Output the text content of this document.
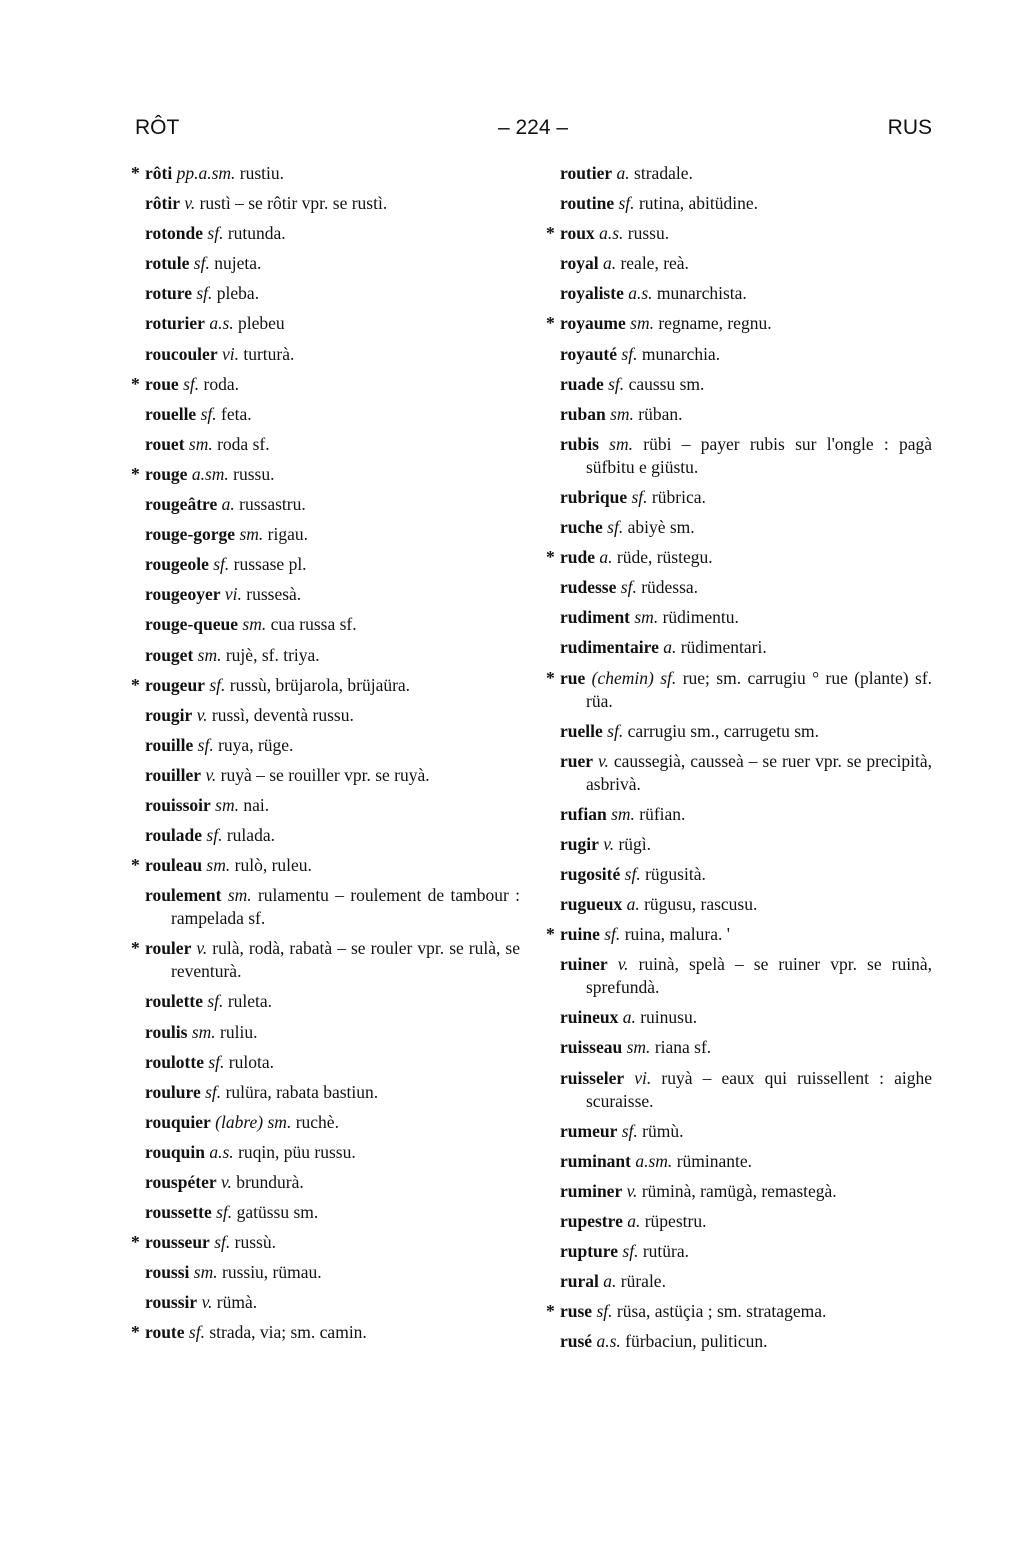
RÔT	– 224 –	RUS
* rôti pp.a.sm. rustiu.
rôtir v. rustì – se rôtir vpr. se rustì.
rotonde sf. rutunda.
rotule sf. nujeta.
roture sf. pleba.
roturier a.s. plebeu
roucouler vi. turturà.
* roue sf. roda.
rouelle sf. feta.
rouet sm. roda sf.
* rouge a.sm. russu.
rougeâtre a. russastru.
rouge-gorge sm. rigau.
rougeole sf. russase pl.
rougeoyer vi. russesà.
rouge-queue sm. cua russa sf.
rouget sm. rujè, sf. triya.
* rougeur sf. russù, brüjarola, brüjaüra.
rougir v. russì, deventà russu.
rouille sf. ruya, rüge.
rouiller v. ruyà – se rouiller vpr. se ruyà.
rouissoir sm. nai.
roulade sf. rulada.
* rouleau sm. rulò, ruleu.
roulement sm. rulamentu – roulement de tambour : rampelada sf.
* rouler v. rulà, rodà, rabatà – se rouler vpr. se rulà, se reventurà.
roulette sf. ruleta.
roulis sm. ruliu.
roulotte sf. rulota.
roulure sf. rulüra, rabata bastiun.
rouquier (labre) sm. ruchè.
rouquin a.s. ruqin, püu russu.
rouspéter v. brundurà.
roussette sf. gatüssu sm.
* rousseur sf. russù.
roussi sm. russiu, rümau.
roussir v. rümà.
* route sf. strada, via; sm. camin.
routier a. stradale.
routine sf. rutina, abitüdine.
* roux a.s. russu.
royal a. reale, reà.
royaliste a.s. munarchista.
* royaume sm. regname, regnu.
royauté sf. munarchia.
ruade sf. caussu sm.
ruban sm. rüban.
rubis sm. rübi – payer rubis sur l'ongle : pagà süfbitu e giüstu.
rubrique sf. rübrica.
ruche sf. abiyè sm.
* rude a. rüde, rüstegu.
rudesse sf. rüdessa.
rudiment sm. rüdimentu.
rudimentaire a. rüdimentari.
* rue (chemin) sf. rue; sm. carrugiu ° rue (plante) sf. rüa.
ruelle sf. carrugiu sm., carrugetu sm.
ruer v. caussegià, causseà – se ruer vpr. se precipità, asbrivà.
rufian sm. rüfian.
rugir v. rügì.
rugosité sf. rügusità.
rugueux a. rügusu, rascusu.
* ruine sf. ruina, malura. '
ruiner v. ruinà, spelà – se ruiner vpr. se ruinà, sprefundà.
ruineux a. ruinusu.
ruisseau sm. riana sf.
ruisseler vi. ruyà – eaux qui ruissellent : aighe scuraisse.
rumeur sf. rümù.
ruminant a.sm. rüminante.
ruminer v. rüminà, ramügà, remastegà.
rupestre a. rüpestru.
rupture sf. rutüra.
rural a. rürale.
* ruse sf. rüsa, astüçia ; sm. stratagema.
rusé a.s. fürbaciun, puliticun.
